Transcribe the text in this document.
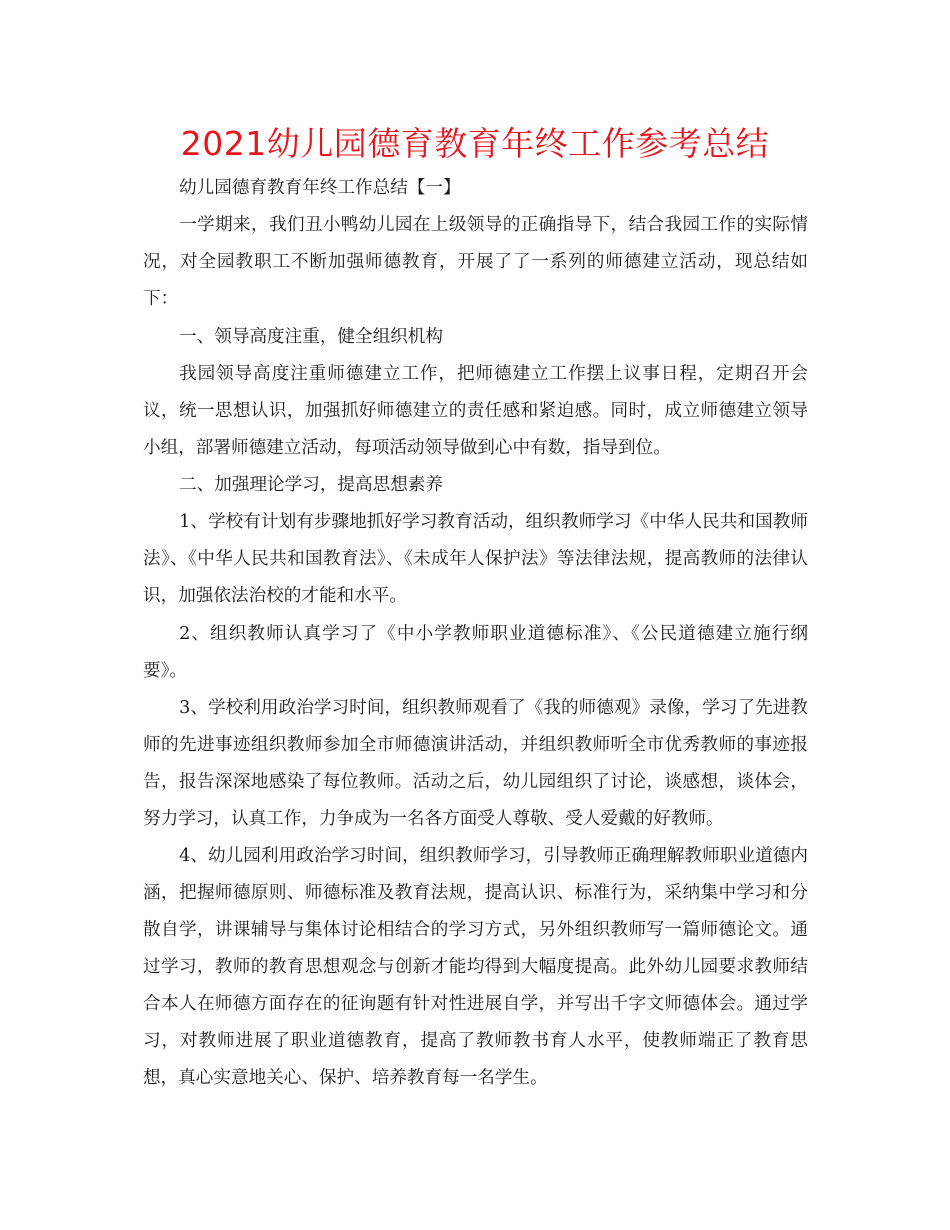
2021幼儿园德育教育年终工作参考总结

幼儿园德育教育年终工作总结【一】

一学期来，我们丑小鸭幼儿园在上级领导的正确指导下，结合我园工作的实际情况，对全园教职工不断加强师德教育，开展了了一系列的师德建立活动，现总结如下：

一、领导高度注重，健全组织机构

我园领导高度注重师德建立工作，把师德建立工作摆上议事日程，定期召开会议，统一思想认识，加强抓好师德建立的责任感和紧迫感。同时，成立师德建立领导小组，部署师德建立活动，每项活动领导做到心中有数，指导到位。

二、加强理论学习，提高思想素养

1、学校有计划有步骤地抓好学习教育活动，组织教师学习《中华人民共和国教师法》、《中华人民共和国教育法》、《未成年人保护法》等法律法规，提高教师的法律认识，加强依法治校的才能和水平。

2、组织教师认真学习了《中小学教师职业道德标准》、《公民道德建立施行纲要》。

3、学校利用政治学习时间，组织教师观看了《我的师德观》录像，学习了先进教师的先进事迹组织教师参加全市师德演讲活动，并组织教师听全市优秀教师的事迹报告，报告深深地感染了每位教师。活动之后，幼儿园组织了讨论，谈感想，谈体会，努力学习，认真工作，力争成为一名各方面受人尊敬、受人爱戴的好教师。

4、幼儿园利用政治学习时间，组织教师学习，引导教师正确理解教师职业道德内涵，把握师德原则、师德标准及教育法规，提高认识、标准行为，采纳集中学习和分散自学，讲课辅导与集体讨论相结合的学习方式，另外组织教师写一篇师德论文。通过学习，教师的教育思想观念与创新才能均得到大幅度提高。此外幼儿园要求教师结合本人在师德方面存在的征询题有针对性进展自学，并写出千字文师德体会。通过学习，对教师进展了职业道德教育，提高了教师教书育人水平，使教师端正了教育思想，真心实意地关心、保护、培养教育每一名学生。
